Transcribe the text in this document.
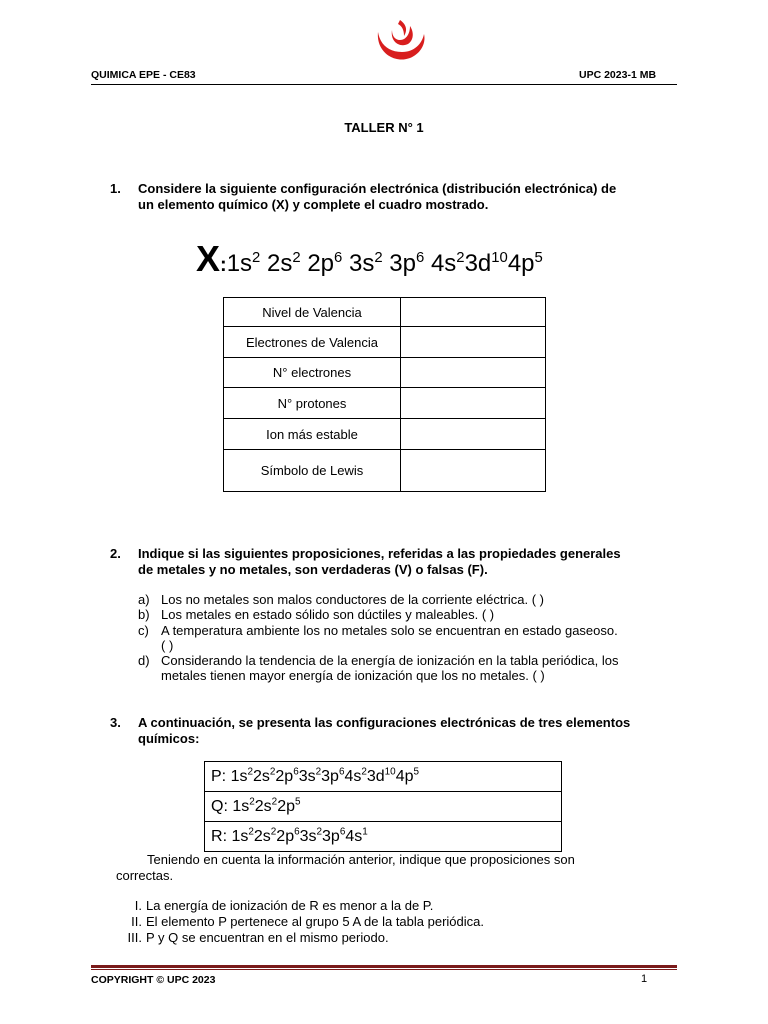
QUIMICA EPE - CE83	UPC 2023-1 MB
TALLER N° 1
1. Considere la siguiente configuración electrónica (distribución electrónica) de
un elemento químico (X) y complete el cuadro mostrado.
$X:1s^2$ $2s^2$ $2p^6$ $3s^2$ $3p^6$ $4s^23d^{10}4p^5$
Nivel de Valencia	
Electrones de Valencia	
N° electrones	
N° protones	
Ion más estable	
Símbolo de Lewis	
2. Indique si las siguientes proposiciones, referidas a las propiedades generales
de metales y no metales, son verdaderas (V) o falsas (F).
a) Los no metales son malos conductores de la corriente eléctrica. ( )
b) Los metales en estado sólido son dúctiles y maleables. ( )
c) A temperatura ambiente los no metales solo se encuentran en estado gaseoso.
( )
d) Considerando la tendencia de la energía de ionización en la tabla periódica, los
metales tienen mayor energía de ionización que los no metales. ( )
3. A continuación, se presenta las configuraciones electrónicas de tres elementos
químicos:
P: $1s^22s^22p^63s^23p^64s^23d^{10}4p^5$
Q: $1s^22s^22p^5$
R: $1s^22s^22p^63s^23p^64s^1$
Teniendo en cuenta la información anterior, indique que proposiciones son
correctas.
I. La energía de ionización de R es menor a la de P.
II. El elemento P pertenece al grupo 5 A de la tabla periódica.
III. P y Q se encuentran en el mismo periodo.
COPYRIGHT © UPC 2023	1
